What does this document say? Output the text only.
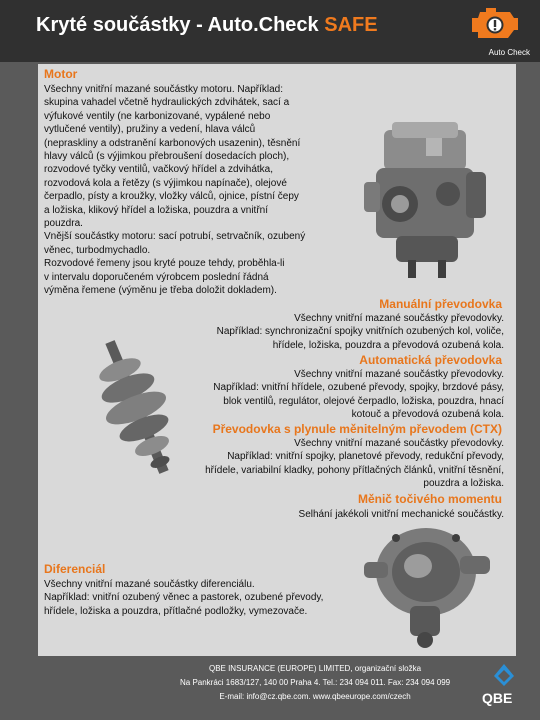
Kryté součástky - Auto.Check SAFE
Auto Check
Motor
Všechny vnitřní mazané součástky motoru. Například:
skupina vahadel včetně hydraulických zdvihátek, sací a
výfukové ventily (ne karbonizované, vypálené nebo
vytlučené ventily), pružiny a vedení, hlava válců
(nepraskliny a odstranění karbonových usazenin), těsnění
hlavy válců (s výjimkou přebroušení dosedacích ploch),
rozvodové tyčky ventilů, vačkový hřídel a zdvihátka,
rozvodová kola a řetězy (s výjimkou napínače), olejové
čerpadlo, písty a kroužky, vložky válců, ojnice, pístní čepy
a ložiska, klikový hřídel a ložiska, pouzdra a vnitřní
pouzdra.
Vnější součástky motoru: sací potrubí, setrvačník, ozubený
věnec, turbodmychadlo.
Rozvodové řemeny jsou kryté pouze tehdy, proběhla-li
v intervalu doporučeném výrobcem poslední řádná
výměna řemene (výměnu je třeba doložit dokladem).
Manuální převodovka
Všechny vnitřní mazané součástky převodovky.
Například: synchronizační spojky vnitřních ozubených kol, voliče,
hřídele, ložiska, pouzdra a převodová ozubená kola.
Automatická převodovka
Všechny vnitřní mazané součástky převodovky.
Například: vnitřní hřídele, ozubené převody, spojky, brzdové pásy,
blok ventilů, regulátor, olejové čerpadlo, ložiska, pouzdra, hnací
kotouč a převodová ozubená kola.
Převodovka s plynule měnitelným převodem (CTX)
Všechny vnitřní mazané součástky převodovky.
Například: vnitřní spojky, planetové převody, redukční převody,
hřídele, variabilní kladky, pohony přítlačných článků, vnitřní těsnění,
pouzdra a ložiska.
Měnič točivého momentu
Selhání jakékoli vnitřní mechanické součástky.
Diferenciál
Všechny vnitřní mazané součástky diferenciálu.
Například: vnitřní ozubený věnec a pastorek, ozubené převody,
hřídele, ložiska a pouzdra, přítlačné podložky, vymezovače.
QBE INSURANCE (EUROPE) LIMITED, organizační složka
Na Pankráci 1683/127, 140 00 Praha 4. Tel.: 234 094 011. Fax: 234 094 099
E-mail: info@cz.qbe.com. www.qbeeurope.com/czech	QBE
